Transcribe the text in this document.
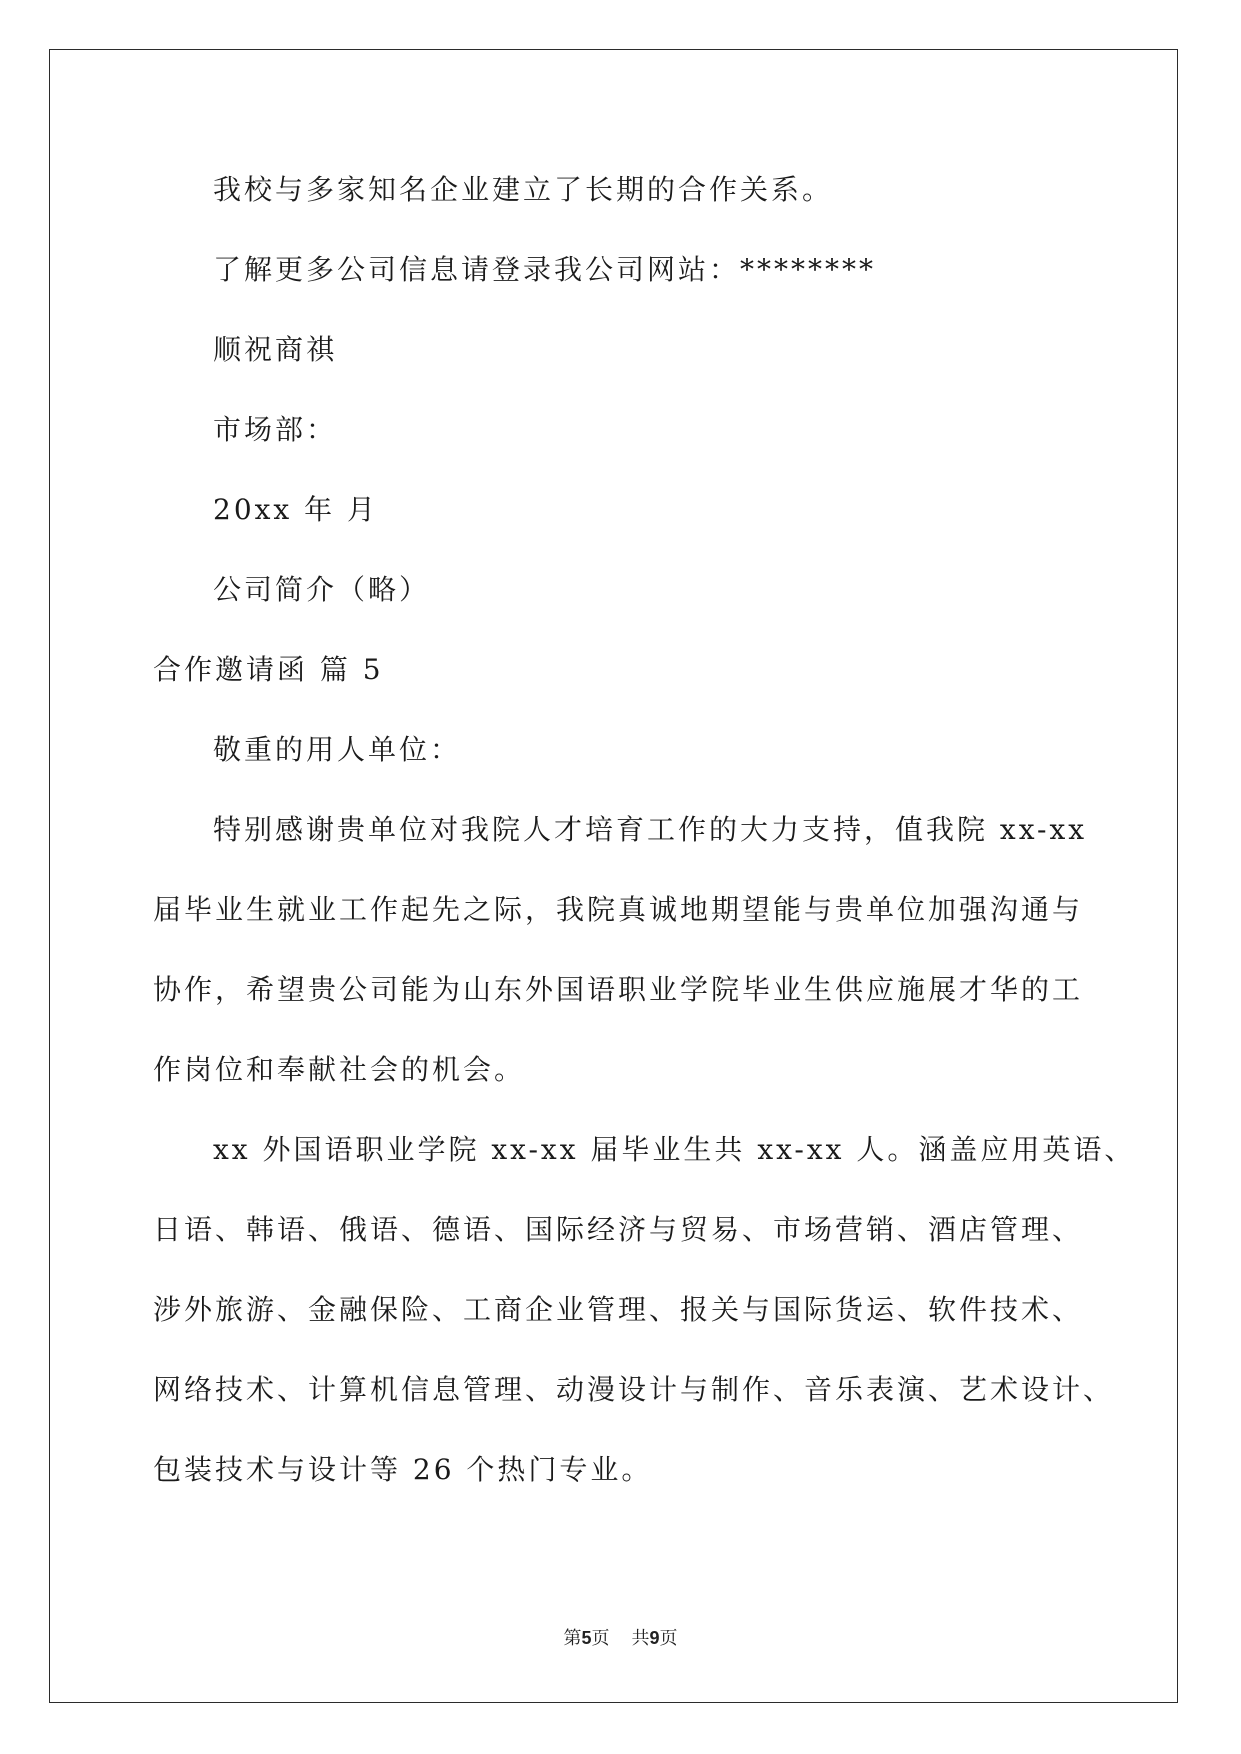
我校与多家知名企业建立了长期的合作关系。

了解更多公司信息请登录我公司网站：********

顺祝商祺

市场部：

20xx 年 月

公司简介（略）

合作邀请函 篇 5

敬重的用人单位：

特别感谢贵单位对我院人才培育工作的大力支持，值我院 xx-xx

届毕业生就业工作起先之际，我院真诚地期望能与贵单位加强沟通与

协作，希望贵公司能为山东外国语职业学院毕业生供应施展才华的工

作岗位和奉献社会的机会。

xx 外国语职业学院 xx-xx 届毕业生共 xx-xx 人。涵盖应用英语、

日语、韩语、俄语、德语、国际经济与贸易、市场营销、酒店管理、

涉外旅游、金融保险、工商企业管理、报关与国际货运、软件技术、

网络技术、计算机信息管理、动漫设计与制作、音乐表演、艺术设计、

包装技术与设计等 26 个热门专业。

第5页 共9页
